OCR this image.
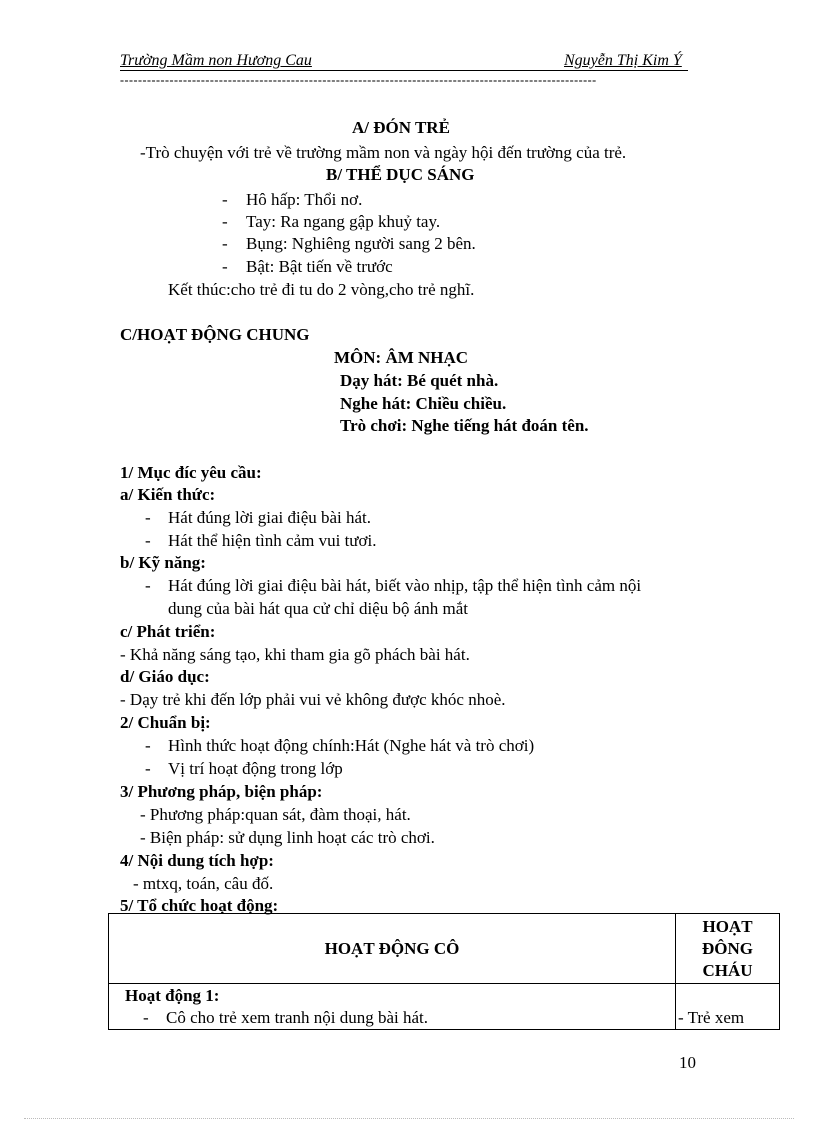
Trường Mầm non Hương Cau	Nguyễn Thị Kim Ý
----------------------------------------------------------------------------------------------------------
A/ ĐÓN TRẺ
-Trò chuyện với trẻ về trường mầm non và ngày hội đến trường của trẻ.
B/ THỂ DỤC SÁNG
- Hô hấp: Thổi nơ.
- Tay: Ra ngang gập khuỷ tay.
- Bụng: Nghiêng người sang 2 bên.
- Bật: Bật tiến về trước
Kết thúc:cho trẻ đi tu do 2 vòng,cho trẻ nghĩ.
C/HOẠT ĐỘNG CHUNG
MÔN: ÂM NHẠC
Dạy hát: Bé quét nhà.
Nghe hát: Chiều chiều.
Trò chơi: Nghe tiếng hát đoán tên.
1/ Mục đíc yêu cầu:
a/ Kiến thức:
- Hát đúng lời giai điệu bài hát.
- Hát thể hiện tình cảm vui tươi.
b/ Kỹ năng:
- Hát đúng lời giai điệu bài hát, biết vào nhịp, tập thể hiện tình cảm nội
dung của bài hát qua cử chỉ diệu bộ ánh mắt
c/ Phát triển:
- Khả năng sáng tạo, khi tham gia gõ phách bài hát.
d/ Giáo dục:
- Dạy trẻ khi đến lớp phải vui vẻ không được khóc nhoè.
2/ Chuẩn bị:
- Hình thức hoạt động chính:Hát (Nghe hát và trò chơi)
- Vị trí hoạt động trong lớp
3/ Phương pháp, biện pháp:
- Phương pháp:quan sát, đàm thoại, hát.
- Biện pháp: sử dụng linh hoạt các trò chơi.
4/ Nội dung tích hợp:
- mtxq, toán, câu đố.
5/ Tổ chức hoạt động:
HOẠT ĐỘNG CÔ	HOẠT
ĐÔNG
CHÁU

Hoạt động 1:
- Cô cho trẻ xem tranh nội dung bài hát.	- Trẻ xem
10
